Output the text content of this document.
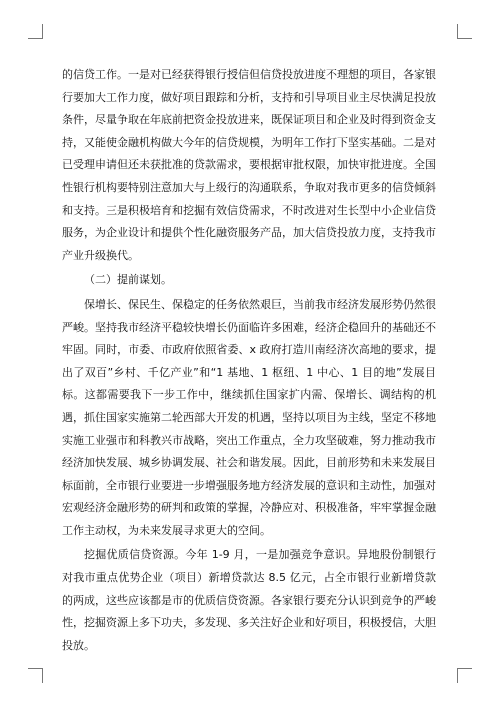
的信贷工作。一是对已经获得银行授信但信贷投放进度不理想的项目，各家银行要加大工作力度，做好项目跟踪和分析，支持和引导项目业主尽快满足投放条件，尽量争取在年底前把资金投放进来，既保证项目和企业及时得到资金支持，又能使金融机构做大今年的信贷规模，为明年工作打下坚实基础。二是对已受理申请但还未获批准的贷款需求，要根据审批权限，加快审批进度。全国性银行机构要特别注意加大与上级行的沟通联系，争取对我市更多的信贷倾斜和支持。三是积极培育和挖掘有效信贷需求，不时改进对生长型中小企业信贷服务，为企业设计和提供个性化融资服务产品，加大信贷投放力度，支持我市产业升级换代。

（二）提前谋划。

保增长、保民生、保稳定的任务依然艰巨，当前我市经济发展形势仍然很严峻。坚持我市经济平稳较快增长仍面临许多困难，经济企稳回升的基础还不牢固。同时，市委、市政府依照省委、x 政府打造川南经济次高地的要求，提出了双百”乡村、千亿产业”和“1 基地、1 枢纽、1 中心、1 目的地”发展目标。这都需要我下一步工作中，继续抓住国家扩内需、保增长、调结构的机遇，抓住国家实施第二轮西部大开发的机遇，坚持以项目为主线，坚定不移地实施工业强市和科教兴市战略，突出工作重点，全力攻坚破难，努力推动我市经济加快发展、城乡协调发展、社会和谐发展。因此，目前形势和未来发展目标面前，全市银行业要进一步增强服务地方经济发展的意识和主动性，加强对宏观经济金融形势的研判和政策的掌握，冷静应对、积极准备，牢牢掌握金融工作主动权，为未来发展寻求更大的空间。

挖掘优质信贷资源。今年 1-9 月，一是加强竞争意识。异地股份制银行对我市重点优势企业（项目）新增贷款达 8.5 亿元，占全市银行业新增贷款的两成，这些应该都是市的优质信贷资源。各家银行要充分认识到竞争的严峻性，挖掘资源上多下功夫，多发现、多关注好企业和好项目，积极授信，大胆投放。
